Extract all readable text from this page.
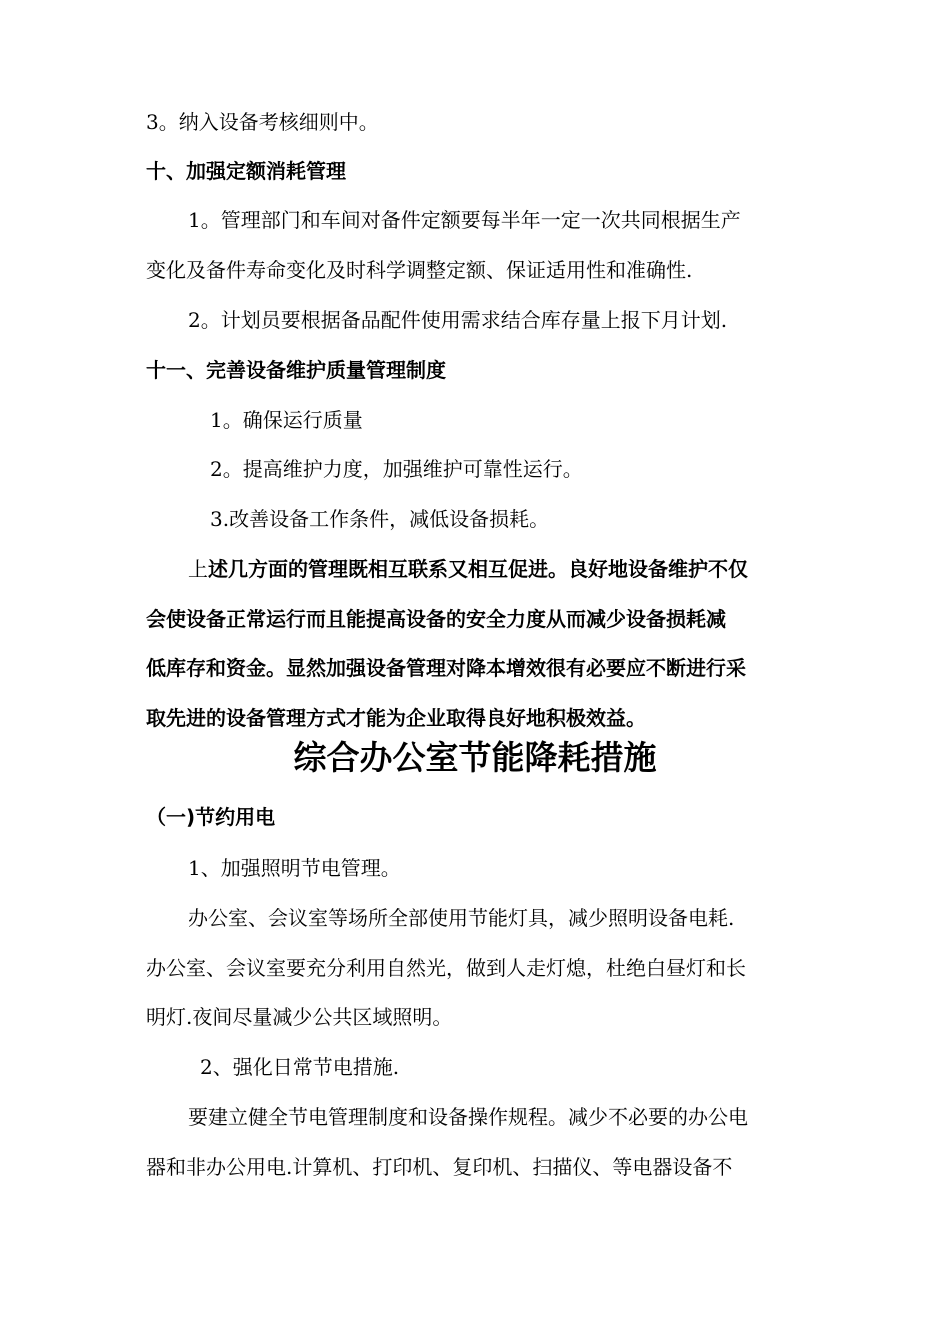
3。纳入设备考核细则中。
十、加强定额消耗管理
1。管理部门和车间对备件定额要每半年一定一次共同根据生产
变化及备件寿命变化及时科学调整定额、保证适用性和准确性.
2。计划员要根据备品配件使用需求结合库存量上报下月计划.
十一、完善设备维护质量管理制度
1。确保运行质量
2。提高维护力度，加强维护可靠性运行。
3.改善设备工作条件，减低设备损耗。
上述几方面的管理既相互联系又相互促进。良好地设备维护不仅
会使设备正常运行而且能提高设备的安全力度从而减少设备损耗减
低库存和资金。显然加强设备管理对降本增效很有必要应不断进行采
取先进的设备管理方式才能为企业取得良好地积极效益。
综合办公室节能降耗措施
（一)节约用电
1、加强照明节电管理。
办公室、会议室等场所全部使用节能灯具，减少照明设备电耗.
办公室、会议室要充分利用自然光，做到人走灯熄，杜绝白昼灯和长
明灯.夜间尽量减少公共区域照明。
2、强化日常节电措施.
要建立健全节电管理制度和设备操作规程。减少不必要的办公电
器和非办公用电.计算机、打印机、复印机、扫描仪、等电器设备不
